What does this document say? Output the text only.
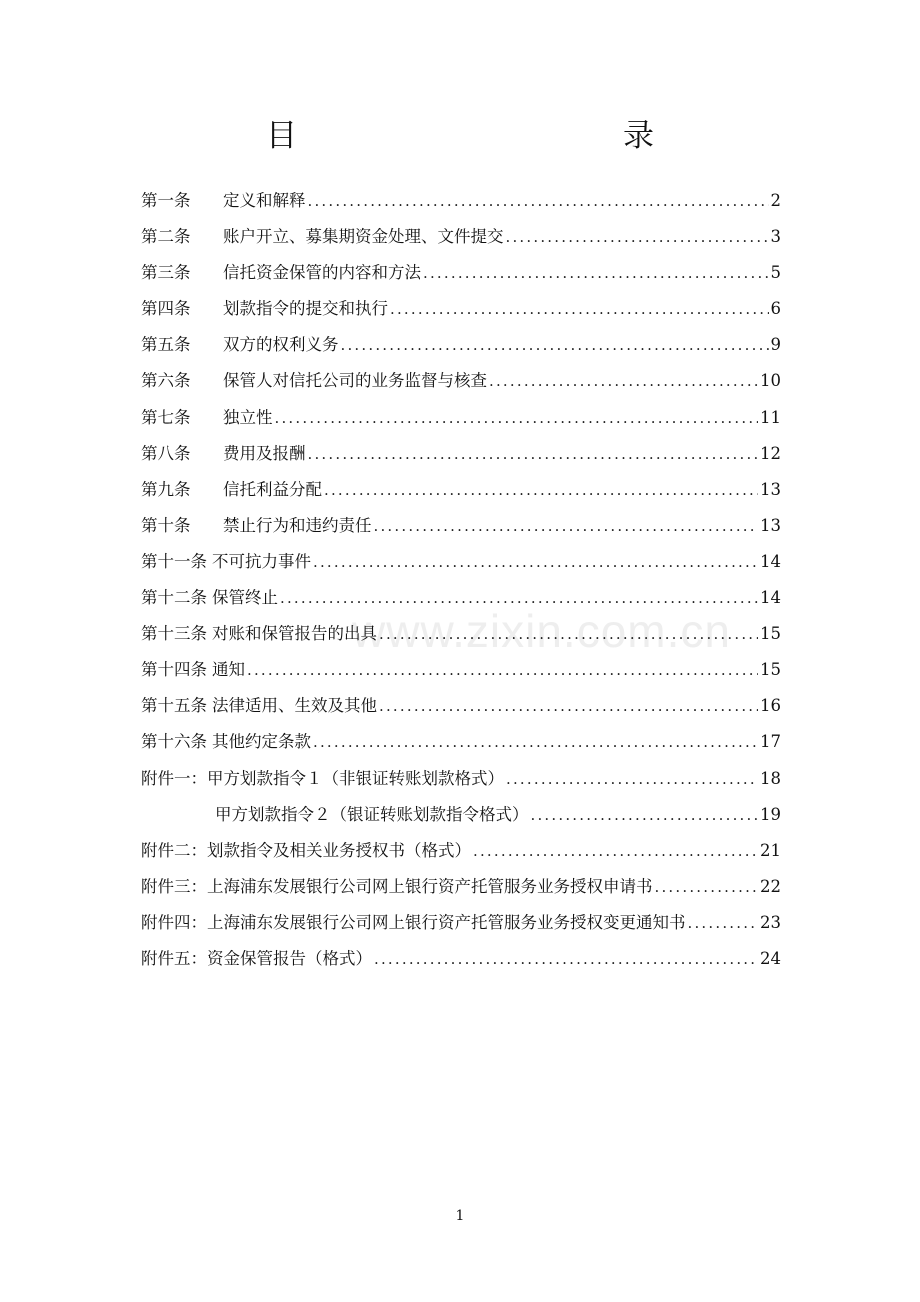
目　　录
www.zixin.com.cn
第一条	定义和解释 .....	2
第二条	账户开立、募集期资金处理、文件提交 .....	3
第三条	信托资金保管的内容和方法 .....	5
第四条	划款指令的提交和执行 .....	6
第五条	双方的权利义务 .....	9
第六条	保管人对信托公司的业务监督与核查 .....	10
第七条	独立性 .....	11
第八条	费用及报酬 .....	12
第九条	信托利益分配 .....	13
第十条	禁止行为和违约责任 .....	13
第十一条 不可抗力事件 .....	14
第十二条 保管终止 .....	14
第十三条 对账和保管报告的出具 .....	15
第十四条 通知 .....	15
第十五条 法律适用、生效及其他 .....	16
第十六条 其他约定条款 .....	17
附件一： 甲方划款指令１（非银证转账划款格式） .....	18
甲方划款指令２（银证转账划款指令格式） .....	19
附件二： 划款指令及相关业务授权书（格式） .....	21
附件三： 上海浦东发展银行公司网上银行资产托管服务业务授权申请书 .....	22
附件四： 上海浦东发展银行公司网上银行资产托管服务业务授权变更通知书 .....	23
附件五： 资金保管报告（格式） .....	24
1
